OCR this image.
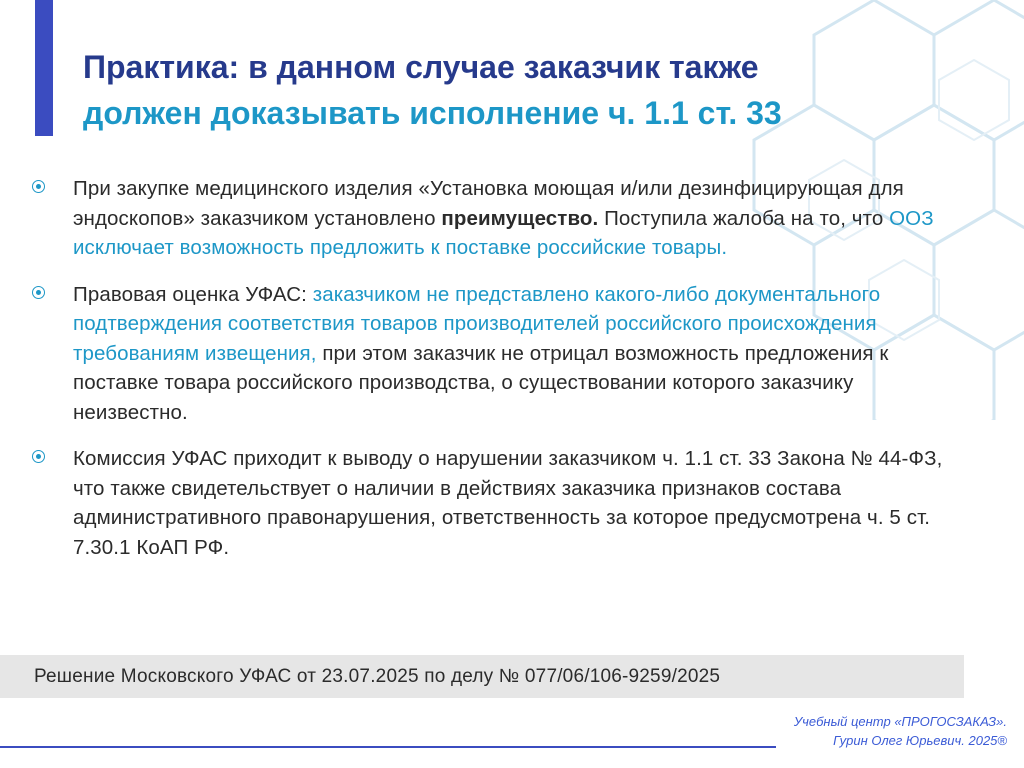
Практика: в данном случае заказчик также
должен доказывать исполнение ч. 1.1 ст. 33

При закупке медицинского изделия «Установка моющая и/или дезинфицирующая для эндоскопов» заказчиком установлено преимущество. Поступила жалоба на то, что ООЗ исключает возможность предложить к поставке российские товары.

Правовая оценка УФАС: заказчиком не представлено какого-либо документального подтверждения соответствия товаров производителей российского происхождения требованиям извещения, при этом заказчик не отрицал возможность предложения к поставке товара российского производства, о существовании которого заказчику неизвестно.

Комиссия УФАС приходит к выводу о нарушении заказчиком ч. 1.1 ст. 33 Закона № 44-ФЗ, что также свидетельствует о наличии в действиях заказчика признаков состава административного правонарушения, ответственность за которое предусмотрена ч. 5 ст. 7.30.1 КоАП РФ.

Решение Московского УФАС от 23.07.2025 по делу № 077/06/106-9259/2025
Учебный центр «ПРОГОСЗАКАЗ».
Гурин Олег Юрьевич. 2025®
